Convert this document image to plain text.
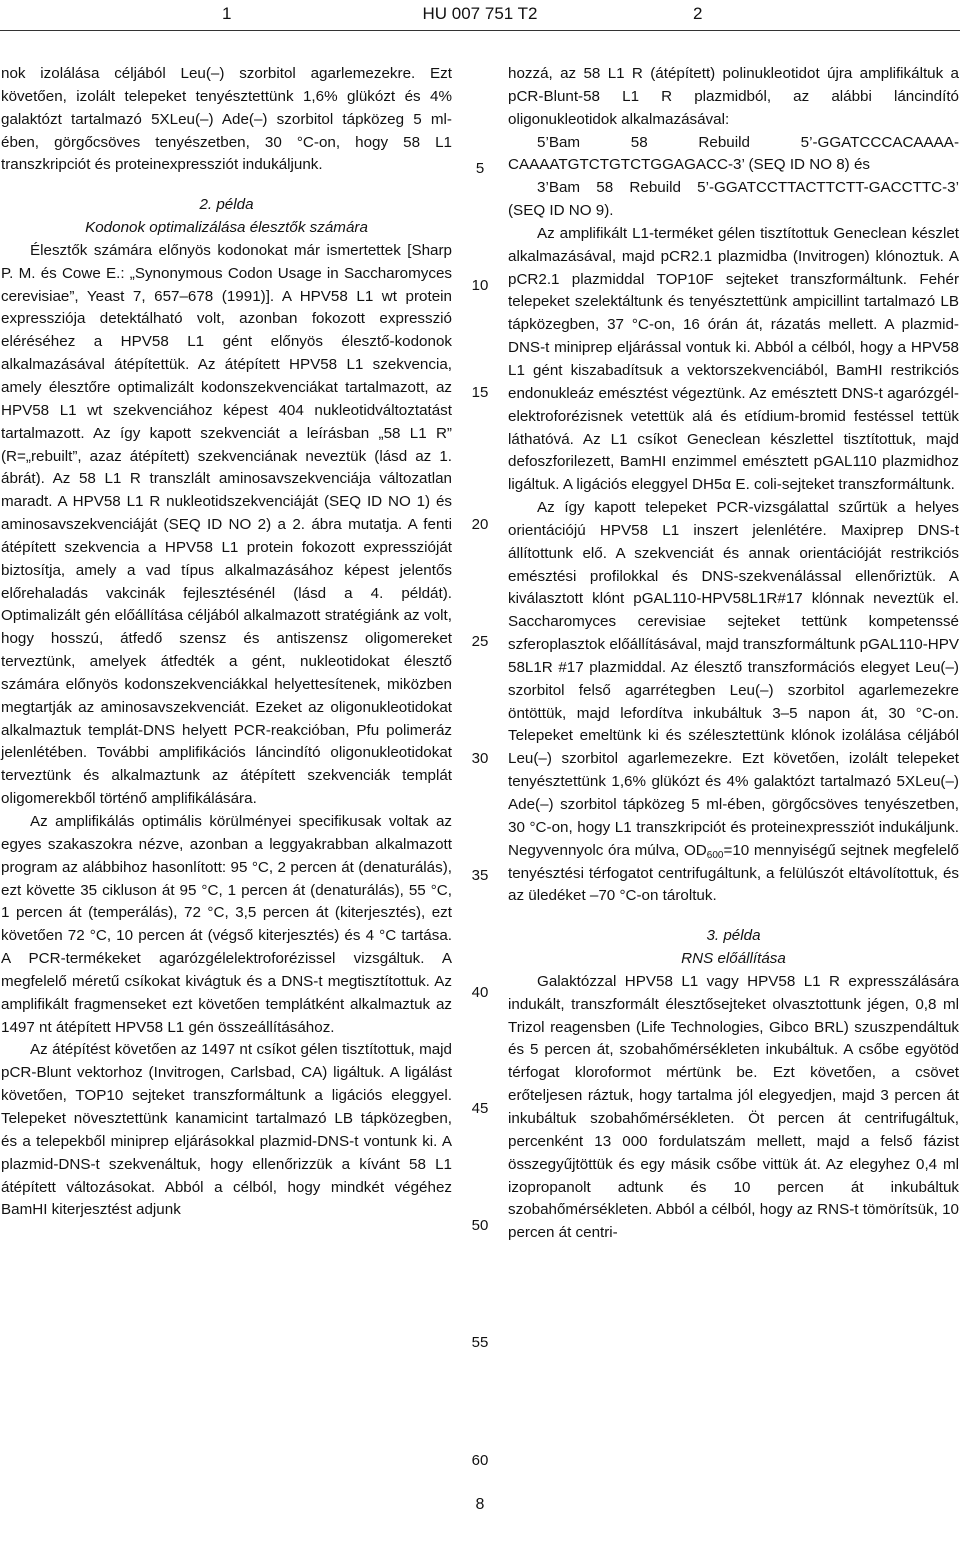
1	HU 007 751 T2	2

nok izolálása céljából Leu(–) szorbitol agarlemezekre. Ezt követően, izolált telepeket tenyésztettünk 1,6% glükózt és 4% galaktózt tartalmazó 5XLeu(–) Ade(–) szorbitol tápközeg 5 ml-ében, görgőcsöves tenyészetben, 30 °C-on, hogy 58 L1 transzkripciót és proteinexpressziót indukáljunk.

2. példa

Kodonok optimalizálása élesztők számára

Élesztők számára előnyös kodonokat már ismertettek [Sharp P. M. és Cowe E.: „Synonymous Codon Usage in Saccharomyces cerevisiae”, Yeast 7, 657–678 (1991)]. A HPV58 L1 wt protein expressziója detektálható volt, azonban fokozott expresszió eléréséhez a HPV58 L1 gént előnyös élesztő-kodonok alkalmazásával átépítettük. Az átépített HPV58 L1 szekvencia, amely élesztőre optimalizált kodonszekvenciákat tartalmazott, az HPV58 L1 wt szekvenciához képest 404 nukleotidváltoztatást tartalmazott. Az így kapott szekvenciát a leírásban „58 L1 R” (R=„rebuilt”, azaz átépített) szekvenciának neveztük (lásd az 1. ábrát). Az 58 L1 R transzlált aminosavszekvenciája változatlan maradt. A HPV58 L1 R nukleotidszekvenciáját (SEQ ID NO 1) és aminosavszekvenciáját (SEQ ID NO 2) a 2. ábra mutatja. A fenti átépített szekvencia a HPV58 L1 protein fokozott expresszióját biztosítja, amely a vad típus alkalmazásához képest jelentős előrehaladás vakcinák fejlesztésénél (lásd a 4. példát). Optimalizált gén előállítása céljából alkalmazott stratégiánk az volt, hogy hosszú, átfedő szensz és antiszensz oligomereket terveztünk, amelyek átfedték a gént, nukleotidokat élesztő számára előnyös kodonszekvenciákkal helyettesítenek, miközben megtartják az aminosavszekvenciát. Ezeket az oligonukleotidokat alkalmaztuk templát-DNS helyett PCR-reakcióban, Pfu polimeráz jelenlétében. További amplifikációs láncindító oligonukleotidokat terveztünk és alkalmaztunk az átépített szekvenciák templát oligomerekből történő amplifikálására.

Az amplifikálás optimális körülményei specifikusak voltak az egyes szakaszokra nézve, azonban a leggyakrabban alkalmazott program az alábbihoz hasonlított: 95 °C, 2 percen át (denaturálás), ezt követte 35 cikluson át 95 °C, 1 percen át (denaturálás), 55 °C, 1 percen át (temperálás), 72 °C, 3,5 percen át (kiterjesztés), ezt követően 72 °C, 10 percen át (végső kiterjesztés) és 4 °C tartása. A PCR-termékeket agarózgélelektroforézissel vizsgáltuk. A megfelelő méretű csíkokat kivágtuk és a DNS-t megtisztítottuk. Az amplifikált fragmenseket ezt követően templátként alkalmaztuk az 1497 nt átépített HPV58 L1 gén összeállításához.

Az átépítést követően az 1497 nt csíkot gélen tisztítottuk, majd pCR-Blunt vektorhoz (Invitrogen, Carlsbad, CA) ligáltuk. A ligálást követően, TOP10 sejteket transzformáltunk a ligációs eleggyel. Telepeket növesztettünk kanamicint tartalmazó LB tápközegben, és a telepekből miniprep eljárásokkal plazmid-DNS-t vontunk ki. A plazmid-DNS-t szekvenáltuk, hogy ellenőrizzük a kívánt 58 L1 átépített változásokat. Abból a célból, hogy mindkét végéhez BamHI kiterjesztést adjunk

5
10
15
20
25
30
35
40
45
50
55
60

hozzá, az 58 L1 R (átépített) polinukleotidot újra amplifikáltuk a pCR-Blunt-58 L1 R plazmidból, az alábbi láncindító oligonukleotidok alkalmazásával:

5’Bam 58 Rebuild 5’-GGATCCCACAAAA-CAAAATGTCTGTCTGGAGACC-3’ (SEQ ID NO 8) és

3’Bam 58 Rebuild 5’-GGATCCTTACTTCTT-GACCTTC-3’ (SEQ ID NO 9).

Az amplifikált L1-terméket gélen tisztítottuk Geneclean készlet alkalmazásával, majd pCR2.1 plazmidba (Invitrogen) klónoztuk. A pCR2.1 plazmiddal TOP10F sejteket transzformáltunk. Fehér telepeket szelektáltunk és tenyésztettünk ampicillint tartalmazó LB tápközegben, 37 °C-on, 16 órán át, rázatás mellett. A plazmid-DNS-t miniprep eljárással vontuk ki. Abból a célból, hogy a HPV58 L1 gént kiszabadítsuk a vektorszekvenciából, BamHI restrikciós endonukleáz emésztést végeztünk. Az emésztett DNS-t agarózgél-elektroforézisnek vetettük alá és etídium-bromid festéssel tettük láthatóvá. Az L1 csíkot Geneclean készlettel tisztítottuk, majd defoszforilezett, BamHI enzimmel emésztett pGAL110 plazmidhoz ligáltuk. A ligációs eleggyel DH5α E. coli-sejteket transzformáltunk.

Az így kapott telepeket PCR-vizsgálattal szűrtük a helyes orientációjú HPV58 L1 inszert jelenlétére. Maxiprep DNS-t állítottunk elő. A szekvenciát és annak orientációját restrikciós emésztési profilokkal és DNS-szekvenálással ellenőriztük. A kiválasztott klónt pGAL110-HPV58L1R#17 klónnak neveztük el. Saccharomyces cerevisiae sejteket tettünk kompetenssé szferoplasztok előállításával, majd transzformáltunk pGAL110-HPV 58L1R #17 plazmiddal. Az élesztő transzformációs elegyet Leu(–) szorbitol felső agarrétegben Leu(–) szorbitol agarlemezekre öntöttük, majd lefordítva inkubáltuk 3–5 napon át, 30 °C-on. Telepeket emeltünk ki és szélesztettünk klónok izolálása céljából Leu(–) szorbitol agarlemezekre. Ezt követően, izolált telepeket tenyésztettünk 1,6% glükózt és 4% galaktózt tartalmazó 5XLeu(–) Ade(–) szorbitol tápközeg 5 ml-ében, görgőcsöves tenyészetben, 30 °C-on, hogy L1 transzkripciót és proteinexpressziót indukáljunk. Negyvennyolc óra múlva, $OD_{600}=10$ mennyiségű sejtnek megfelelő tenyésztési térfogatot centrifugáltunk, a felülúszót eltávolítottuk, és az üledéket –70 °C-on tároltuk.

3. példa

RNS előállítása

Galaktózzal HPV58 L1 vagy HPV58 L1 R expresszálására indukált, transzformált élesztősejteket olvasztottunk jégen, 0,8 ml Trizol reagensben (Life Technologies, Gibco BRL) szuszpendáltuk és 5 percen át, szobahőmérsékleten inkubáltuk. A csőbe egyötöd térfogat kloroformot mértünk be. Ezt követően, a csövet erőteljesen ráztuk, hogy tartalma jól elegyedjen, majd 3 percen át inkubáltuk szobahőmérsékleten. Öt percen át centrifugáltuk, percenként 13 000 fordulatszám mellett, majd a felső fázist összegyűjtöttük és egy másik csőbe vittük át. Az elegyhez 0,4 ml izopropanolt adtunk és 10 percen át inkubáltuk szobahőmérsékleten. Abból a célból, hogy az RNS-t tömörítsük, 10 percen át centri-

8
